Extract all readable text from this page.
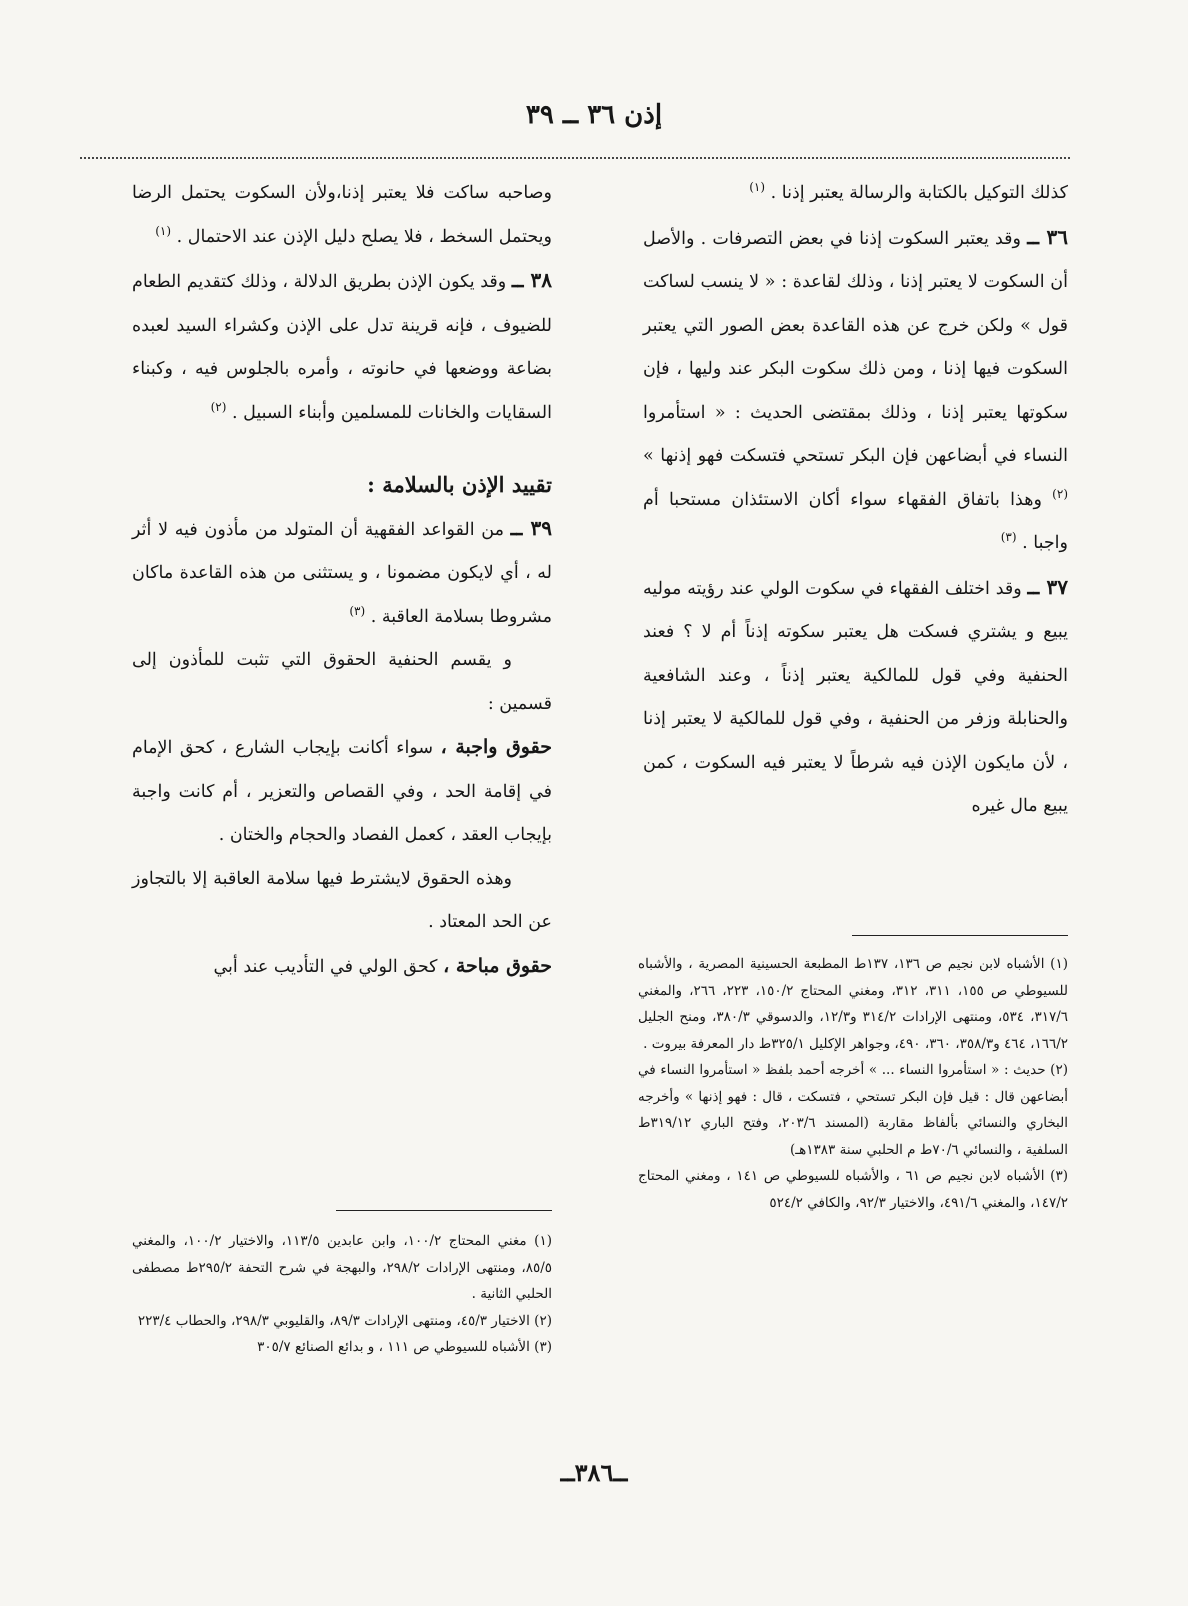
إذن ٣٦ ــ ٣٩

كذلك التوكيل بالكتابة والرسالة يعتبر إذنا . $^{(١)}$

٣٦ ــ وقد يعتبر السكوت إذنا في بعض التصرفات . والأصل أن السكوت لا يعتبر إذنا ، وذلك لقاعدة : « لا ينسب لساكت قول » ولكن خرج عن هذه القاعدة بعض الصور التي يعتبر السكوت فيها إذنا ، ومن ذلك سكوت البكر عند وليها ، فإن سكوتها يعتبر إذنا ، وذلك بمقتضى الحديث : « استأمروا النساء في أبضاعهن فإن البكر تستحي فتسكت فهو إذنها » $^{(٢)}$ وهذا باتفاق الفقهاء سواء أكان الاستئذان مستحبا أم واجبا . $^{(٣)}$

٣٧ ــ وقد اختلف الفقهاء في سكوت الولي عند رؤيته موليه يبيع و يشتري فسكت هل يعتبر سكوته إذناً أم لا ؟ فعند الحنفية وفي قول للمالكية يعتبر إذناً ، وعند الشافعية والحنابلة وزفر من الحنفية ، وفي قول للمالكية لا يعتبر إذنا ، لأن مايكون الإذن فيه شرطاً لا يعتبر فيه السكوت ، كمن يبيع مال غيره

وصاحبه ساكت فلا يعتبر إذنا،ولأن السكوت يحتمل الرضا ويحتمل السخط ، فلا يصلح دليل الإذن عند الاحتمال . $^{(١)}$

٣٨ ــ وقد يكون الإذن بطريق الدلالة ، وذلك كتقديم الطعام للضيوف ، فإنه قرينة تدل على الإذن وكشراء السيد لعبده بضاعة ووضعها في حانوته ، وأمره بالجلوس فيه ، وكبناء السقايات والخانات للمسلمين وأبناء السبيل . $^{(٢)}$

تقييد الإذن بالسلامة :

٣٩ ــ من القواعد الفقهية أن المتولد من مأذون فيه لا أثر له ، أي لايكون مضمونا ، و يستثنى من هذه القاعدة ماكان مشروطا بسلامة العاقبة . $^{(٣)}$

و يقسم الحنفية الحقوق التي تثبت للمأذون إلى قسمين :

حقوق واجبة ، سواء أكانت بإيجاب الشارع ، كحق الإمام في إقامة الحد ، وفي القصاص والتعزير ، أم كانت واجبة بإيجاب العقد ، كعمل الفصاد والحجام والختان .

وهذه الحقوق لايشترط فيها سلامة العاقبة إلا بالتجاوز عن الحد المعتاد .

حقوق مباحة ، كحق الولي في التأديب عند أبي	(١) الأشباه لابن نجيم ص ١٣٦، ١٣٧ط المطبعة الحسينية المصرية ، والأشباه للسيوطي ص ١٥٥، ٣١١، ٣١٢، ومغني المحتاج ١٥٠/٢، ٢٢٣، ٢٦٦، والمغني ٣١٧/٦، ٥٣٤، ومنتهى الإرادات ٣١٤/٢ و١٢/٣، والدسوقي ٣٨٠/٣، ومنح الجليل ١٦٦/٢، ٤٦٤ و٣٥٨/٣، ٣٦٠، ٤٩٠، وجواهر الإكليل ٣٢٥/١ط دار المعرفة بيروت .

(٢) حديث : « استأمروا النساء ... » أخرجه أحمد بلفظ « استأمروا النساء في أبضاعهن قال : قيل فإن البكر تستحي ، فتسكت ، قال : فهو إذنها » وأخرجه البخاري والنسائي بألفاظ مقاربة (المسند ٢٠٣/٦، وفتح الباري ٣١٩/١٢ط السلفية ، والنسائي ٧٠/٦ط م الحلبي سنة ١٣٨٣هـ)

(٣) الأشباه لابن نجيم ص ٦١ ، والأشباه للسيوطي ص ١٤١ ، ومغني المحتاج ١٤٧/٢، والمغني ٤٩١/٦، والاختيار ٩٢/٣، والكافي ٥٢٤/٢

(١) مغني المحتاج ١٠٠/٢، وابن عابدين ١١٣/٥، والاختيار ١٠٠/٢، والمغني ٨٥/٥، ومنتهى الإرادات ٢٩٨/٢، والبهجة في شرح التحفة ٢٩٥/٢ط مصطفى الحلبي الثانية .

(٢) الاختيار ٤٥/٣، ومنتهى الإرادات ٨٩/٣، والقليوبي ٢٩٨/٣، والحطاب ٢٢٣/٤

(٣) الأشباه للسيوطي ص ١١١ ، و بدائع الصنائع ٣٠٥/٧

ــ٣٨٦ــ
